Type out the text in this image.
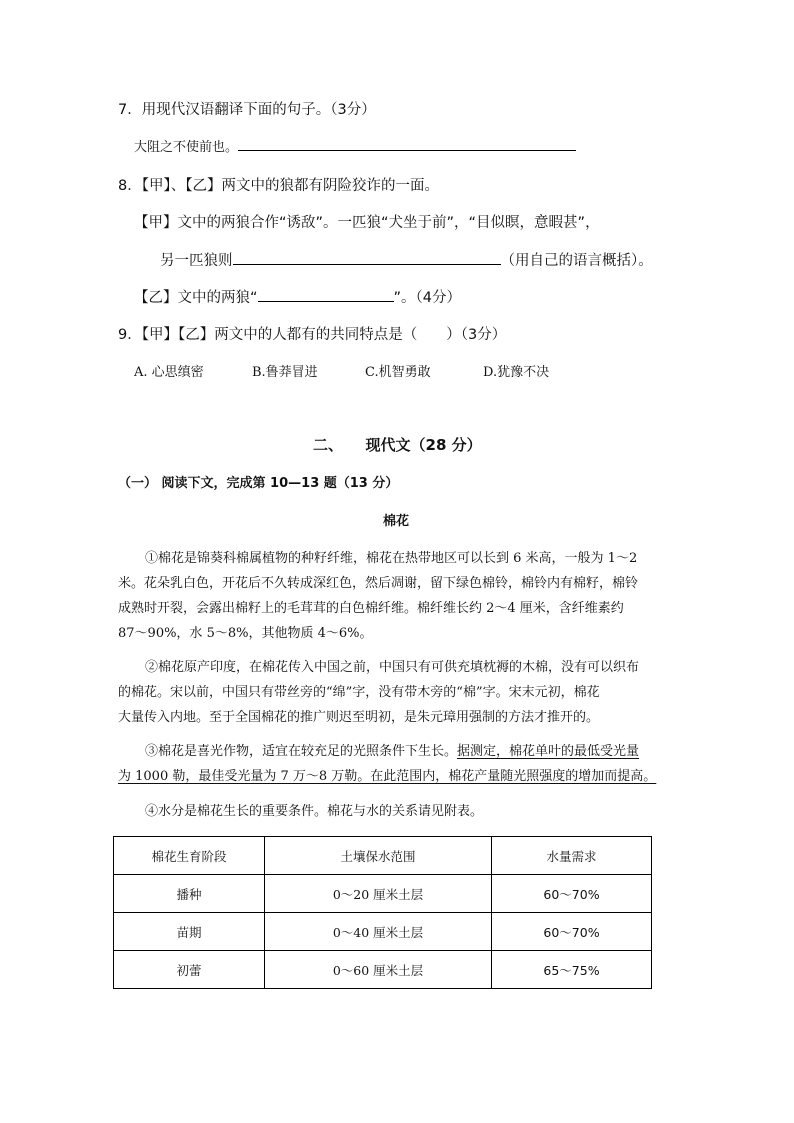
7．用现代汉语翻译下面的句子。（3分）
大阻之不使前也。
8．【甲】、【乙】两文中的狼都有阴险狡诈的一面。
【甲】文中的两狼合作“诱敌”。一匹狼“犬坐于前”，“目似瞑，意暇甚”，
另一匹狼则	（用自己的语言概括）。
【乙】文中的两狼“	”。（4分）
9．【甲】【乙】两文中的人都有的共同特点是（　　）（3分）
A. 心思缜密	B.鲁莽冒进	C.机智勇敢	D.犹豫不决
二、　　现代文（28 分）
（一） 阅读下文，完成第 10—13 题（13 分）
棉花
①棉花是锦葵科棉属植物的种籽纤维，棉花在热带地区可以长到 6 米高，一般为 1～2
米。花朵乳白色，开花后不久转成深红色，然后凋谢，留下绿色棉铃，棉铃内有棉籽，棉铃
成熟时开裂，会露出棉籽上的毛茸茸的白色棉纤维。棉纤维长约 2～4 厘米，含纤维素约
87～90%，水 5～8%，其他物质 4～6%。
②棉花原产印度，在棉花传入中国之前，中国只有可供充填枕褥的木棉，没有可以织布
的棉花。宋以前，中国只有带丝旁的“绵”字，没有带木旁的“棉”字。宋末元初，棉花
大量传入内地。至于全国棉花的推广则迟至明初，是朱元璋用强制的方法才推开的。
③棉花是喜光作物，适宜在较充足的光照条件下生长。据测定，棉花单叶的最低受光量
为 1000 勒，最佳受光量为 7 万～8 万勒。在此范围内，棉花产量随光照强度的增加而提高。
④水分是棉花生长的重要条件。棉花与水的关系请见附表。
棉花生育阶段	土壤保水范围	水量需求
播种	0～20 厘米土层	60～70%
苗期	0～40 厘米土层	60～70%
初蕾	0～60 厘米土层	65～75%
